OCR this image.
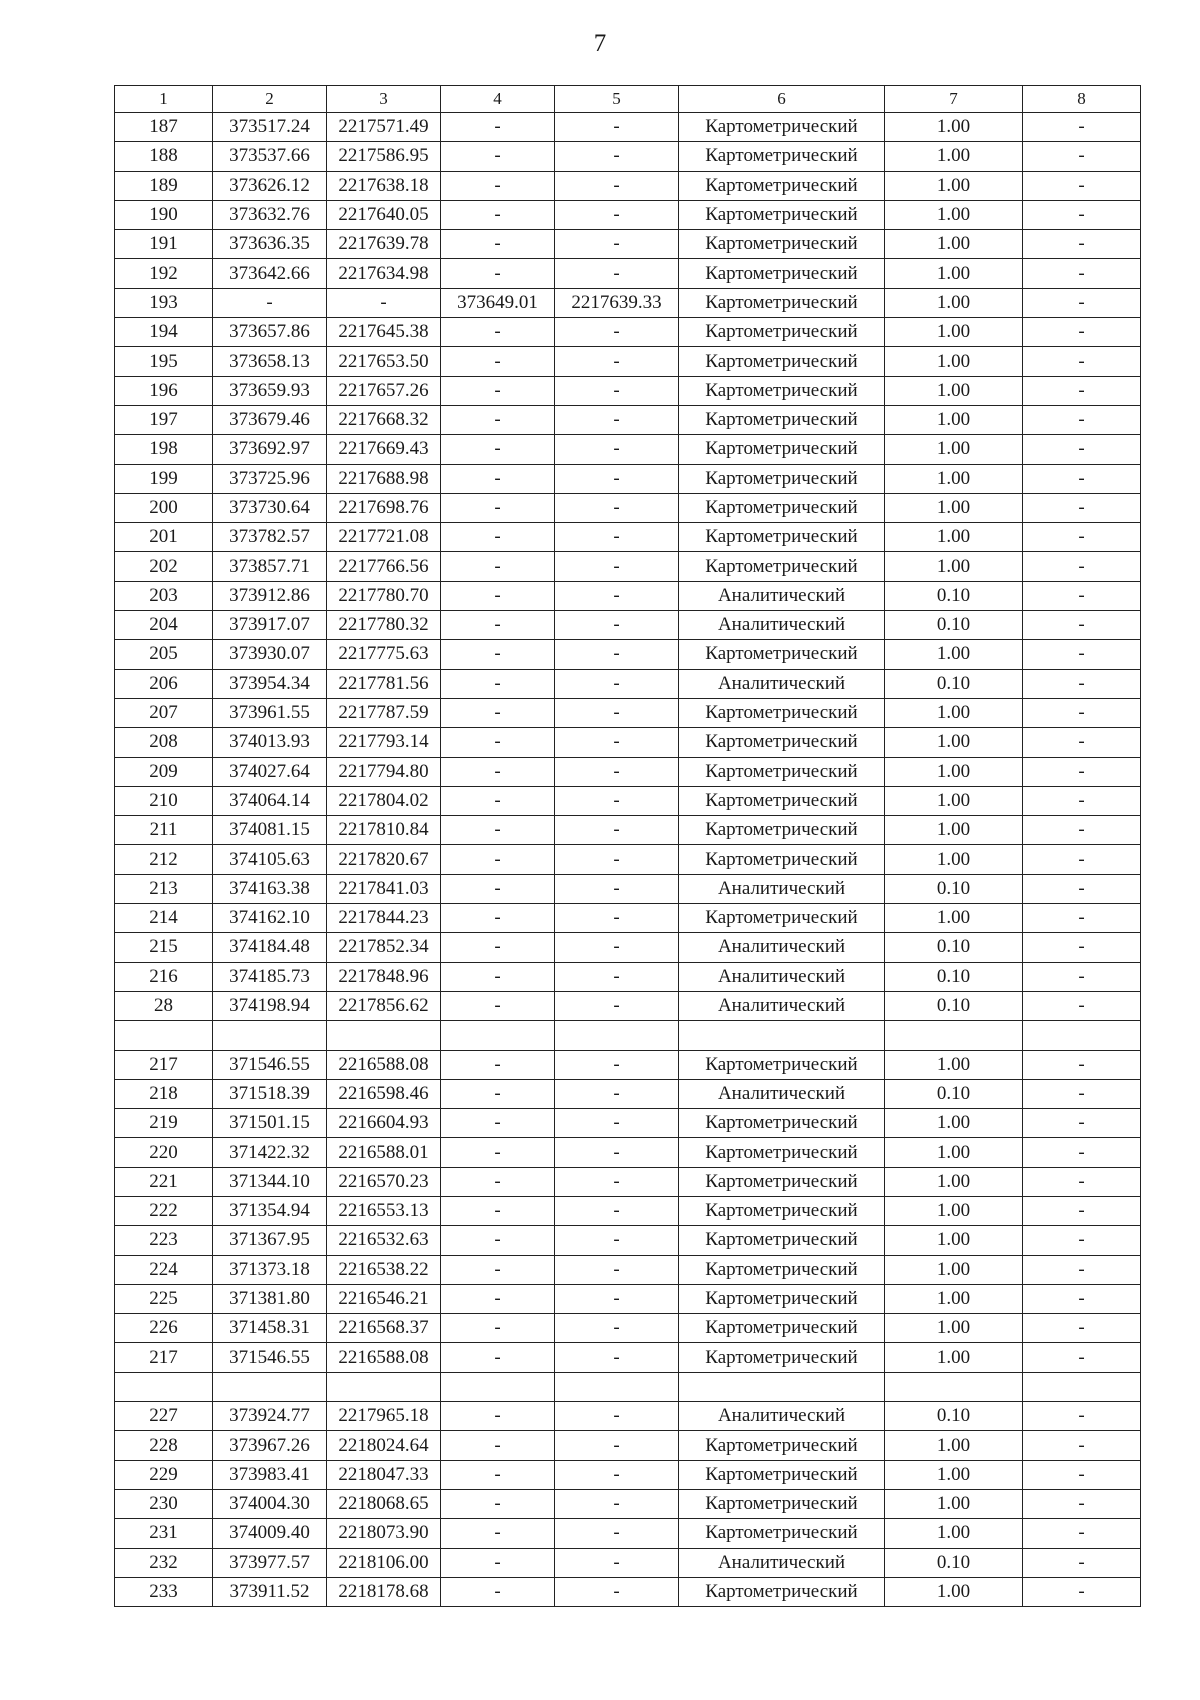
7
1	2	3	4	5	6	7	8
187	373517.24	2217571.49	-	-	Картометрический	1.00	-
188	373537.66	2217586.95	-	-	Картометрический	1.00	-
189	373626.12	2217638.18	-	-	Картометрический	1.00	-
190	373632.76	2217640.05	-	-	Картометрический	1.00	-
191	373636.35	2217639.78	-	-	Картометрический	1.00	-
192	373642.66	2217634.98	-	-	Картометрический	1.00	-
193	-	-	373649.01	2217639.33	Картометрический	1.00	-
194	373657.86	2217645.38	-	-	Картометрический	1.00	-
195	373658.13	2217653.50	-	-	Картометрический	1.00	-
196	373659.93	2217657.26	-	-	Картометрический	1.00	-
197	373679.46	2217668.32	-	-	Картометрический	1.00	-
198	373692.97	2217669.43	-	-	Картометрический	1.00	-
199	373725.96	2217688.98	-	-	Картометрический	1.00	-
200	373730.64	2217698.76	-	-	Картометрический	1.00	-
201	373782.57	2217721.08	-	-	Картометрический	1.00	-
202	373857.71	2217766.56	-	-	Картометрический	1.00	-
203	373912.86	2217780.70	-	-	Аналитический	0.10	-
204	373917.07	2217780.32	-	-	Аналитический	0.10	-
205	373930.07	2217775.63	-	-	Картометрический	1.00	-
206	373954.34	2217781.56	-	-	Аналитический	0.10	-
207	373961.55	2217787.59	-	-	Картометрический	1.00	-
208	374013.93	2217793.14	-	-	Картометрический	1.00	-
209	374027.64	2217794.80	-	-	Картометрический	1.00	-
210	374064.14	2217804.02	-	-	Картометрический	1.00	-
211	374081.15	2217810.84	-	-	Картометрический	1.00	-
212	374105.63	2217820.67	-	-	Картометрический	1.00	-
213	374163.38	2217841.03	-	-	Аналитический	0.10	-
214	374162.10	2217844.23	-	-	Картометрический	1.00	-
215	374184.48	2217852.34	-	-	Аналитический	0.10	-
216	374185.73	2217848.96	-	-	Аналитический	0.10	-
28	374198.94	2217856.62	-	-	Аналитический	0.10	-

217	371546.55	2216588.08	-	-	Картометрический	1.00	-
218	371518.39	2216598.46	-	-	Аналитический	0.10	-
219	371501.15	2216604.93	-	-	Картометрический	1.00	-
220	371422.32	2216588.01	-	-	Картометрический	1.00	-
221	371344.10	2216570.23	-	-	Картометрический	1.00	-
222	371354.94	2216553.13	-	-	Картометрический	1.00	-
223	371367.95	2216532.63	-	-	Картометрический	1.00	-
224	371373.18	2216538.22	-	-	Картометрический	1.00	-
225	371381.80	2216546.21	-	-	Картометрический	1.00	-
226	371458.31	2216568.37	-	-	Картометрический	1.00	-
217	371546.55	2216588.08	-	-	Картометрический	1.00	-

227	373924.77	2217965.18	-	-	Аналитический	0.10	-
228	373967.26	2218024.64	-	-	Картометрический	1.00	-
229	373983.41	2218047.33	-	-	Картометрический	1.00	-
230	374004.30	2218068.65	-	-	Картометрический	1.00	-
231	374009.40	2218073.90	-	-	Картометрический	1.00	-
232	373977.57	2218106.00	-	-	Аналитический	0.10	-
233	373911.52	2218178.68	-	-	Картометрический	1.00	-
